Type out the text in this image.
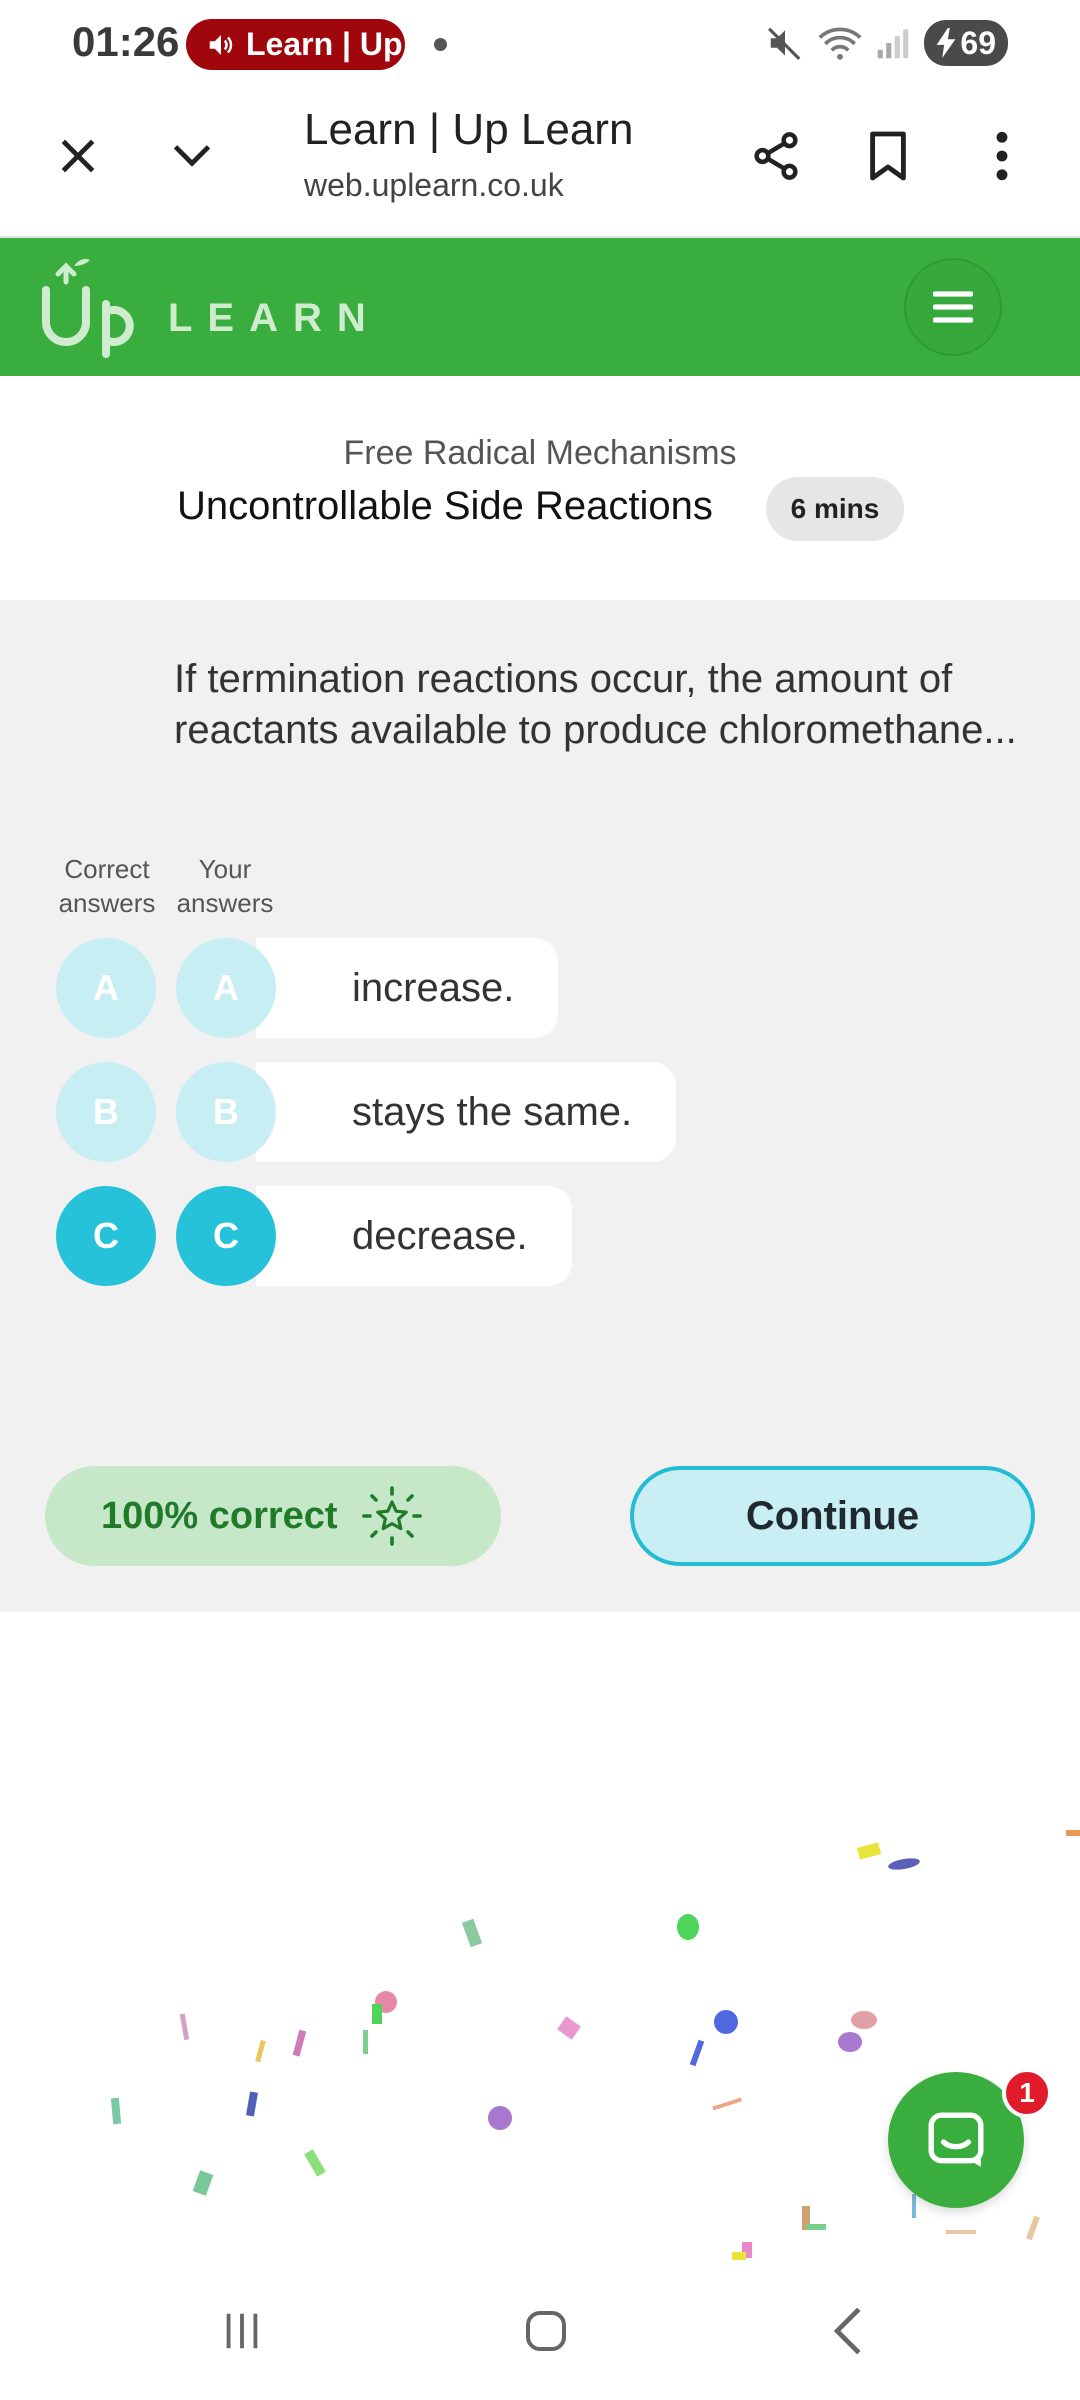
01:26 Learn | Up	69
Learn | Up Learn
web.uplearn.co.uk
LEARN
Free Radical Mechanisms
Uncontrollable Side Reactions	6 mins
If termination reactions occur, the amount of reactants available to produce chloromethane...
Correct answers
Your answers
increase.
A	A
stays the same.
B	B
decrease.
C	C
100% correct	Continue
1
